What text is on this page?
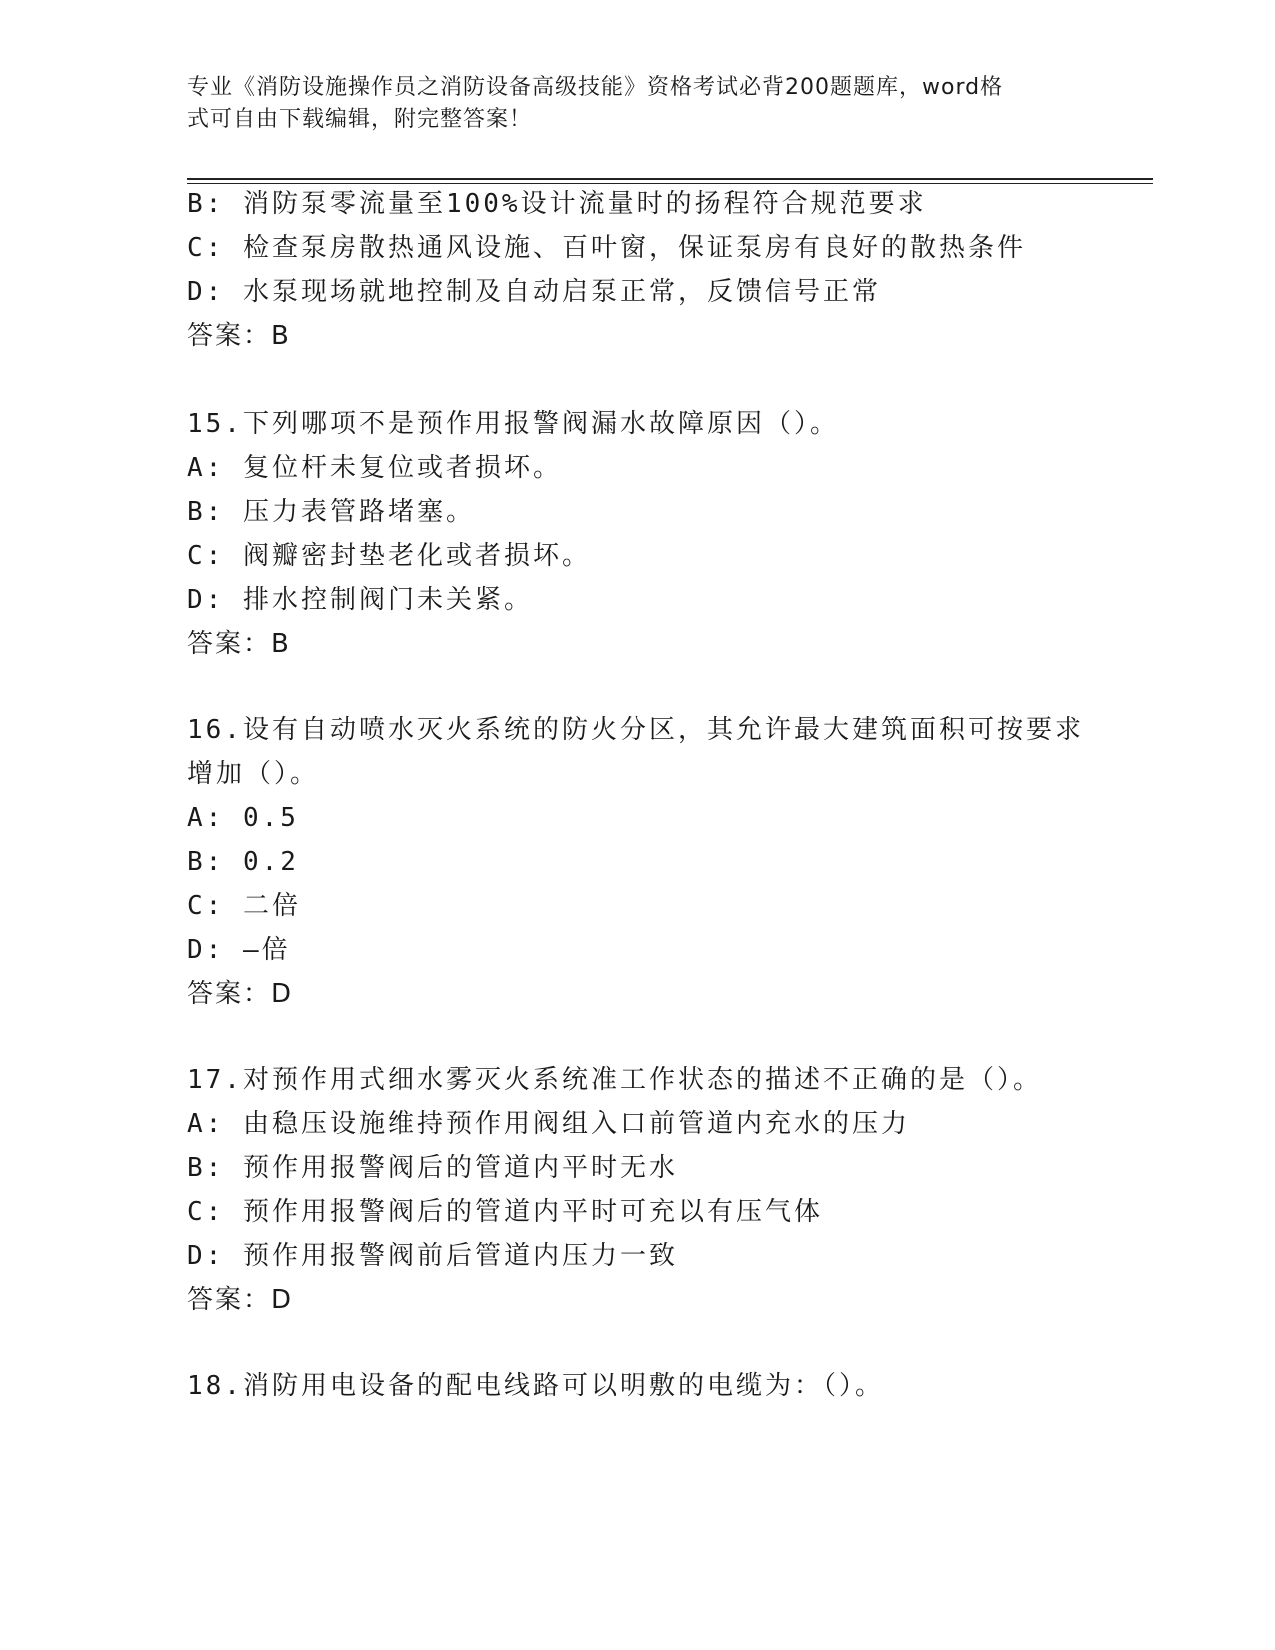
专业《消防设施操作员之消防设备高级技能》资格考试必背200题题库，word格
式可自由下载编辑，附完整答案！
B: 消防泵零流量至100%设计流量时的扬程符合规范要求
C: 检查泵房散热通风设施、百叶窗，保证泵房有良好的散热条件
D: 水泵现场就地控制及自动启泵正常，反馈信号正常
答案：B
15.下列哪项不是预作用报警阀漏水故障原因（）。
A: 复位杆未复位或者损坏。
B: 压力表管路堵塞。
C: 阀瓣密封垫老化或者损坏。
D: 排水控制阀门未关紧。
答案：B
16.设有自动喷水灭火系统的防火分区，其允许最大建筑面积可按要求
增加（）。
A: 0.5
B: 0.2
C: 二倍
D: —倍
答案：D
17.对预作用式细水雾灭火系统准工作状态的描述不正确的是（）。
A: 由稳压设施维持预作用阀组入口前管道内充水的压力
B: 预作用报警阀后的管道内平时无水
C: 预作用报警阀后的管道内平时可充以有压气体
D: 预作用报警阀前后管道内压力一致
答案：D
18.消防用电设备的配电线路可以明敷的电缆为：（）。
